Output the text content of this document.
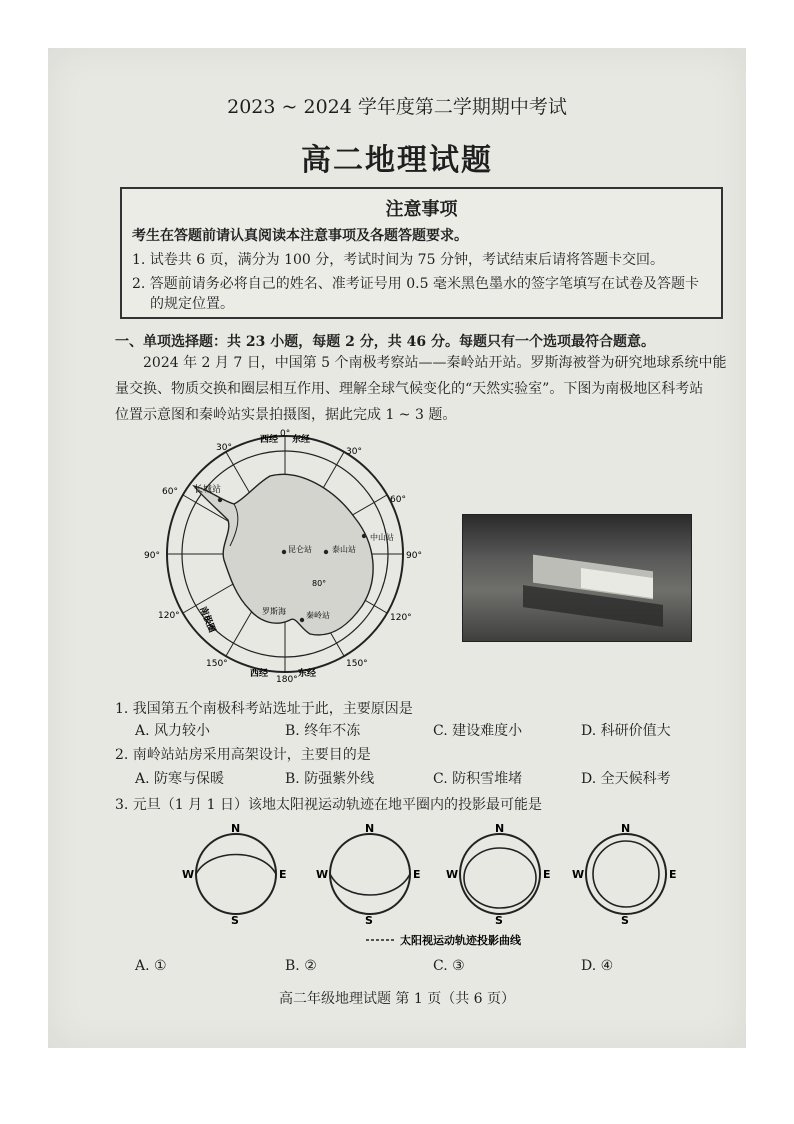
2023 ~ 2024 学年度第二学期期中考试
高二地理试题
注意事项
考生在答题前请认真阅读本注意事项及各题答题要求。
1. 试卷共 6 页，满分为 100 分，考试时间为 75 分钟，考试结束后请将答题卡交回。
2. 答题前请务必将自己的姓名、准考证号用 0.5 毫米黑色墨水的签字笔填写在试卷及答题卡
的规定位置。
一、单项选择题：共 23 小题，每题 2 分，共 46 分。每题只有一个选项最符合题意。
2024 年 2 月 7 日，中国第 5 个南极考察站——秦岭站开站。罗斯海被誉为研究地球系统中能
量交换、物质交换和圈层相互作用、理解全球气候变化的“天然实验室”。下图为南极地区科考站
位置示意图和秦岭站实景拍摄图，据此完成 1 ~ 3 题。
西经
0°
东经
30°	30°
60°
60°
90°	90°
120°	120°
150°	150°
西经
180°
东经
80°
长城站
昆仑站	泰山站
中山站
秦岭站
罗斯海
南极圈
1. 我国第五个南极科考站选址于此，主要原因是
A. 风力较小	B. 终年不冻	C. 建设难度小	D. 科研价值大
2. 南岭站站房采用高架设计，主要目的是
A. 防寒与保暖	B. 防强紫外线	C. 防积雪堆堵	D. 全天候科考
3. 元旦（1 月 1 日）该地太阳视运动轨迹在地平圈内的投影最可能是
N
S
W	E
N
S
W	E
N
S
W	E
N
S
W	E
太阳视运动轨迹投影曲线
A. ①	B. ②	C. ③	D. ④
高二年级地理试题 第 1 页（共 6 页）
